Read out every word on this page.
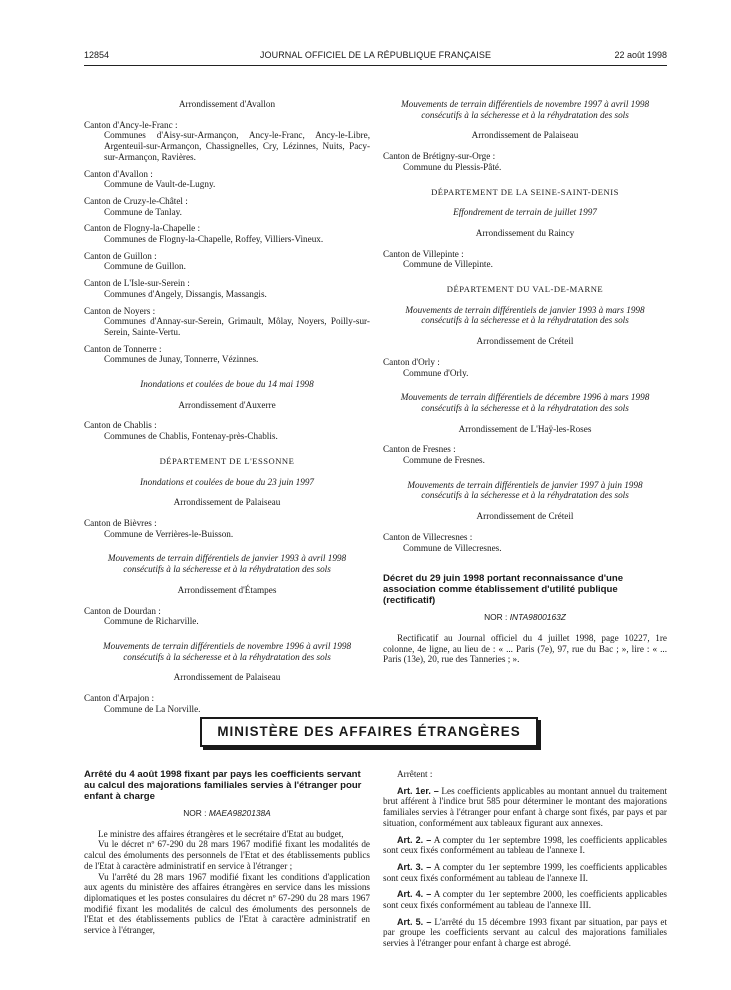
12854	JOURNAL OFFICIEL DE LA RÉPUBLIQUE FRANÇAISE	22 août 1998

Arrondissement d'Avallon

Canton d'Ancy-le-Franc :

Communes d'Aisy-sur-Armançon, Ancy-le-Franc, Ancy-le-Libre, Argenteuil-sur-Armançon, Chassignelles, Cry, Lézinnes, Nuits, Pacy-sur-Armançon, Ravières.

Canton d'Avallon :

Commune de Vault-de-Lugny.

Canton de Cruzy-le-Châtel :

Commune de Tanlay.

Canton de Flogny-la-Chapelle :

Communes de Flogny-la-Chapelle, Roffey, Villiers-Vineux.

Canton de Guillon :

Commune de Guillon.

Canton de L'Isle-sur-Serein :

Communes d'Angely, Dissangis, Massangis.

Canton de Noyers :

Communes d'Annay-sur-Serein, Grimault, Môlay, Noyers, Poilly-sur-Serein, Sainte-Vertu.

Canton de Tonnerre :

Communes de Junay, Tonnerre, Vézinnes.

Inondations et coulées de boue du 14 mai 1998

Arrondissement d'Auxerre

Canton de Chablis :

Communes de Chablis, Fontenay-près-Chablis.

DÉPARTEMENT DE L'ESSONNE

Inondations et coulées de boue du 23 juin 1997

Arrondissement de Palaiseau

Canton de Bièvres :

Commune de Verrières-le-Buisson.

Mouvements de terrain différentiels de janvier 1993 à avril 1998 consécutifs à la sécheresse et à la réhydratation des sols

Arrondissement d'Étampes

Canton de Dourdan :

Commune de Richarville.

Mouvements de terrain différentiels de novembre 1996 à avril 1998 consécutifs à la sécheresse et à la réhydratation des sols

Arrondissement de Palaiseau

Canton d'Arpajon :

Commune de La Norville.

Mouvements de terrain différentiels de novembre 1997 à avril 1998 consécutifs à la sécheresse et à la réhydratation des sols

Arrondissement de Palaiseau

Canton de Brétigny-sur-Orge :

Commune du Plessis-Pâté.

DÉPARTEMENT DE LA SEINE-SAINT-DENIS

Effondrement de terrain de juillet 1997

Arrondissement du Raincy

Canton de Villepinte :

Commune de Villepinte.

DÉPARTEMENT DU VAL-DE-MARNE

Mouvements de terrain différentiels de janvier 1993 à mars 1998 consécutifs à la sécheresse et à la réhydratation des sols

Arrondissement de Créteil

Canton d'Orly :

Commune d'Orly.

Mouvements de terrain différentiels de décembre 1996 à mars 1998 consécutifs à la sécheresse et à la réhydratation des sols

Arrondissement de L'Haÿ-les-Roses

Canton de Fresnes :

Commune de Fresnes.

Mouvements de terrain différentiels de janvier 1997 à juin 1998 consécutifs à la sécheresse et à la réhydratation des sols

Arrondissement de Créteil

Canton de Villecresnes :

Commune de Villecresnes.

Décret du 29 juin 1998 portant reconnaissance d'une association comme établissement d'utilité publique (rectificatif)

NOR : INTA9800163Z

Rectificatif au Journal officiel du 4 juillet 1998, page 10227, 1re colonne, 4e ligne, au lieu de : « ... Paris (7e), 97, rue du Bac ; », lire : « ... Paris (13e), 20, rue des Tanneries ; ».

MINISTÈRE DES AFFAIRES ÉTRANGÈRES

Arrêté du 4 août 1998 fixant par pays les coefficients servant au calcul des majorations familiales servies à l'étranger pour enfant à charge

NOR : MAEA9820138A

Le ministre des affaires étrangères et le secrétaire d'Etat au budget,

Vu le décret nº 67-290 du 28 mars 1967 modifié fixant les modalités de calcul des émoluments des personnels de l'Etat et des établissements publics de l'Etat à caractère administratif en service à l'étranger ;

Vu l'arrêté du 28 mars 1967 modifié fixant les conditions d'application aux agents du ministère des affaires étrangères en service dans les missions diplomatiques et les postes consulaires du décret nº 67-290 du 28 mars 1967 modifié fixant les modalités de calcul des émoluments des personnels de l'Etat et des établissements publics de l'Etat à caractère administratif en service à l'étranger,

Arrêtent :

Art. 1er. – Les coefficients applicables au montant annuel du traitement brut afférent à l'indice brut 585 pour déterminer le montant des majorations familiales servies à l'étranger pour enfant à charge sont fixés, par pays et par situation, conformément aux tableaux figurant aux annexes.

Art. 2. – A compter du 1er septembre 1998, les coefficients applicables sont ceux fixés conformément au tableau de l'annexe I.

Art. 3. – A compter du 1er septembre 1999, les coefficients applicables sont ceux fixés conformément au tableau de l'annexe II.

Art. 4. – A compter du 1er septembre 2000, les coefficients applicables sont ceux fixés conformément au tableau de l'annexe III.

Art. 5. – L'arrêté du 15 décembre 1993 fixant par situation, par pays et par groupe les coefficients servant au calcul des majorations familiales servies à l'étranger pour enfant à charge est abrogé.
